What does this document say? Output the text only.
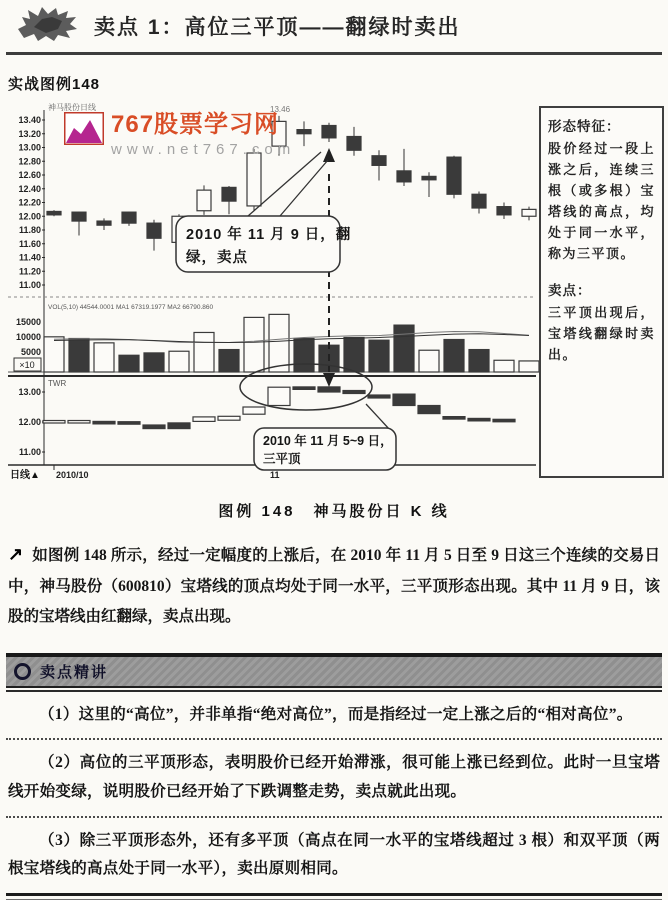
卖点 1：高位三平顶——翻绿时卖出
实战图例148
神马股份日线	13.46
13.40
13.20
13.00
12.80
12.60
12.40
12.20
12.00
11.80
11.60
11.40
11.20
11.00
VOL(5,10) 44544.0001 MA1 67319.1977 MA2 66790.860
15000
10000
5000
×10
TWR
13.00
12.00
11.00
日线▲ 2010/10	11
2010 年 11 月 9 日，翻
绿，卖点
2010 年 11 月 5~9 日，
三平顶
767股票学习网
www.net767.com
形态特征：
股价经过一段上涨之后，连续三根（或多根）宝塔线的高点，均处于同一水平，称为三平顶。
卖点：
三平顶出现后，宝塔线翻绿时卖出。
图例 148　神马股份日 K 线

↗ 如图例 148 所示，经过一定幅度的上涨后，在 2010 年 11 月 5 日至 9 日这三个连续的交易日中，神马股份（600810）宝塔线的顶点均处于同一水平，三平顶形态出现。其中 11 月 9 日，该股的宝塔线由红翻绿，卖点出现。

卖点精讲

（1）这里的“高位”，并非单指“绝对高位”，而是指经过一定上涨之后的“相对高位”。

（2）高位的三平顶形态，表明股价已经开始滞涨，很可能上涨已经到位。此时一旦宝塔线开始变绿，说明股价已经开始了下跌调整走势，卖点就此出现。

（3）除三平顶形态外，还有多平顶（高点在同一水平的宝塔线超过 3 根）和双平顶（两根宝塔线的高点处于同一水平），卖出原则相同。
